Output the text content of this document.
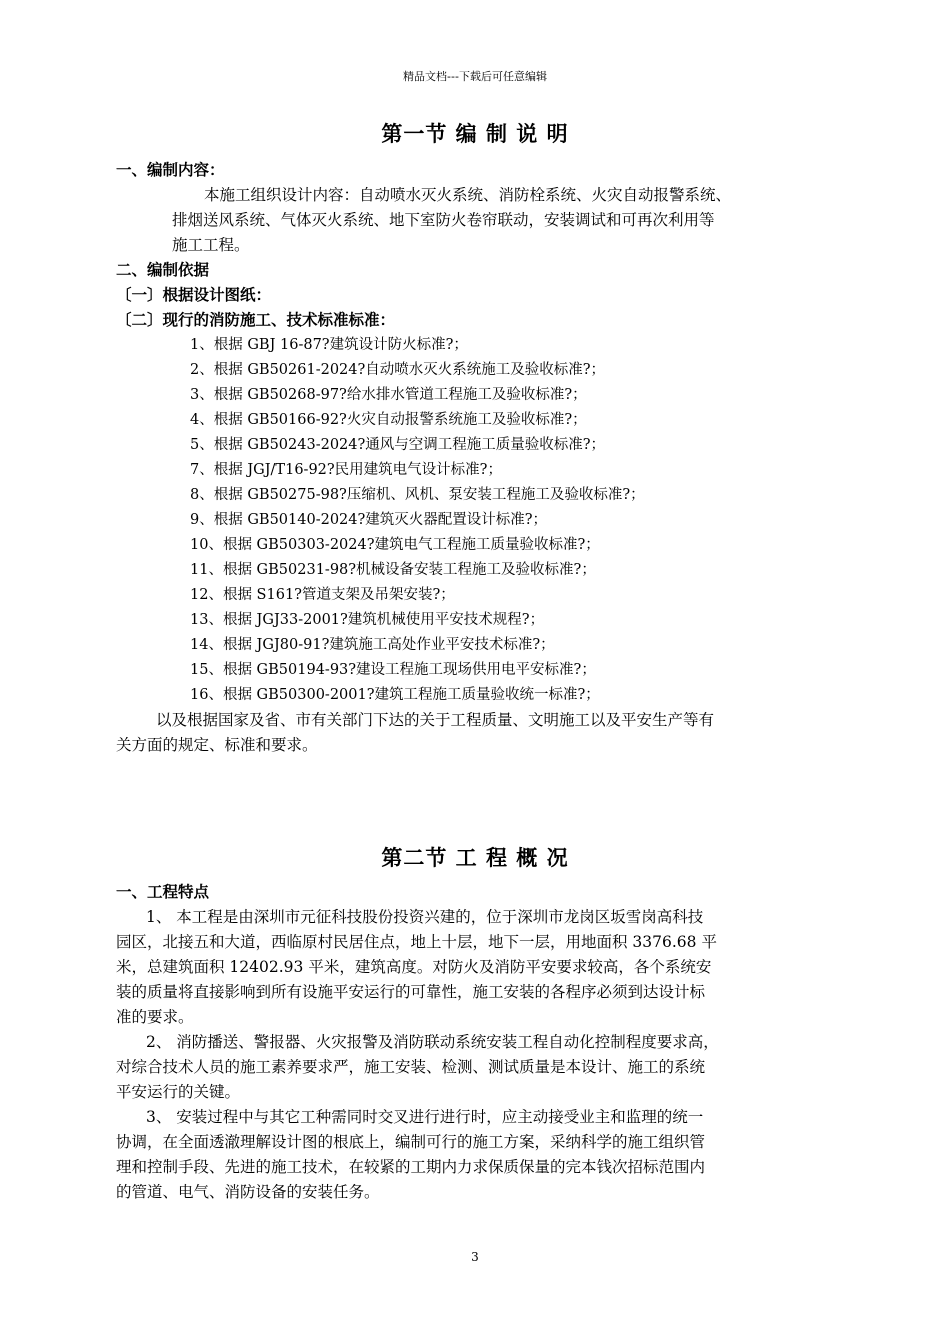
精品文档---下载后可任意编辑
第一节 编 制 说 明
一、编制内容：
本施工组织设计内容：自动喷水灭火系统、消防栓系统、火灾自动报警系统、
排烟送风系统、气体灭火系统、地下室防火卷帘联动，安装调试和可再次利用等
施工工程。
二、编制依据
〔一〕根据设计图纸：
〔二〕现行的消防施工、技术标准标准：
1、根据 GBJ 16-87?建筑设计防火标准?；
2、根据 GB50261-2024?自动喷水灭火系统施工及验收标准?；
3、根据 GB50268-97?给水排水管道工程施工及验收标准?；
4、根据 GB50166-92?火灾自动报警系统施工及验收标准?；
5、根据 GB50243-2024?通风与空调工程施工质量验收标准?；
7、根据 JGJ/T16-92?民用建筑电气设计标准?；
8、根据 GB50275-98?压缩机、风机、泵安装工程施工及验收标准?；
9、根据 GB50140-2024?建筑灭火器配置设计标准?；
10、根据 GB50303-2024?建筑电气工程施工质量验收标准?；
11、根据 GB50231-98?机械设备安装工程施工及验收标准?；
12、根据 S161?管道支架及吊架安装?；
13、根据 JGJ33-2001?建筑机械使用平安技术规程?；
14、根据 JGJ80-91?建筑施工高处作业平安技术标准?；
15、根据 GB50194-93?建设工程施工现场供用电平安标准?；
16、根据 GB50300-2001?建筑工程施工质量验收统一标准?；
以及根据国家及省、市有关部门下达的关于工程质量、文明施工以及平安生产等有
关方面的规定、标准和要求。
第二节 工 程 概 况
一、工程特点
1、 本工程是由深圳市元征科技股份投资兴建的，位于深圳市龙岗区坂雪岗高科技
园区，北接五和大道，西临原村民居住点，地上十层，地下一层，用地面积 3376.68 平
米，总建筑面积 12402.93 平米，建筑高度。对防火及消防平安要求较高，各个系统安
装的质量将直接影响到所有设施平安运行的可靠性，施工安装的各程序必须到达设计标
准的要求。
2、 消防播送、警报器、火灾报警及消防联动系统安装工程自动化控制程度要求高，
对综合技术人员的施工素养要求严，施工安装、检测、测试质量是本设计、施工的系统
平安运行的关键。
3、 安装过程中与其它工种需同时交叉进行进行时，应主动接受业主和监理的统一
协调，在全面透澈理解设计图的根底上，编制可行的施工方案，采纳科学的施工组织管
理和控制手段、先进的施工技术，在较紧的工期内力求保质保量的完本钱次招标范围内
的管道、电气、消防设备的安装任务。
3
